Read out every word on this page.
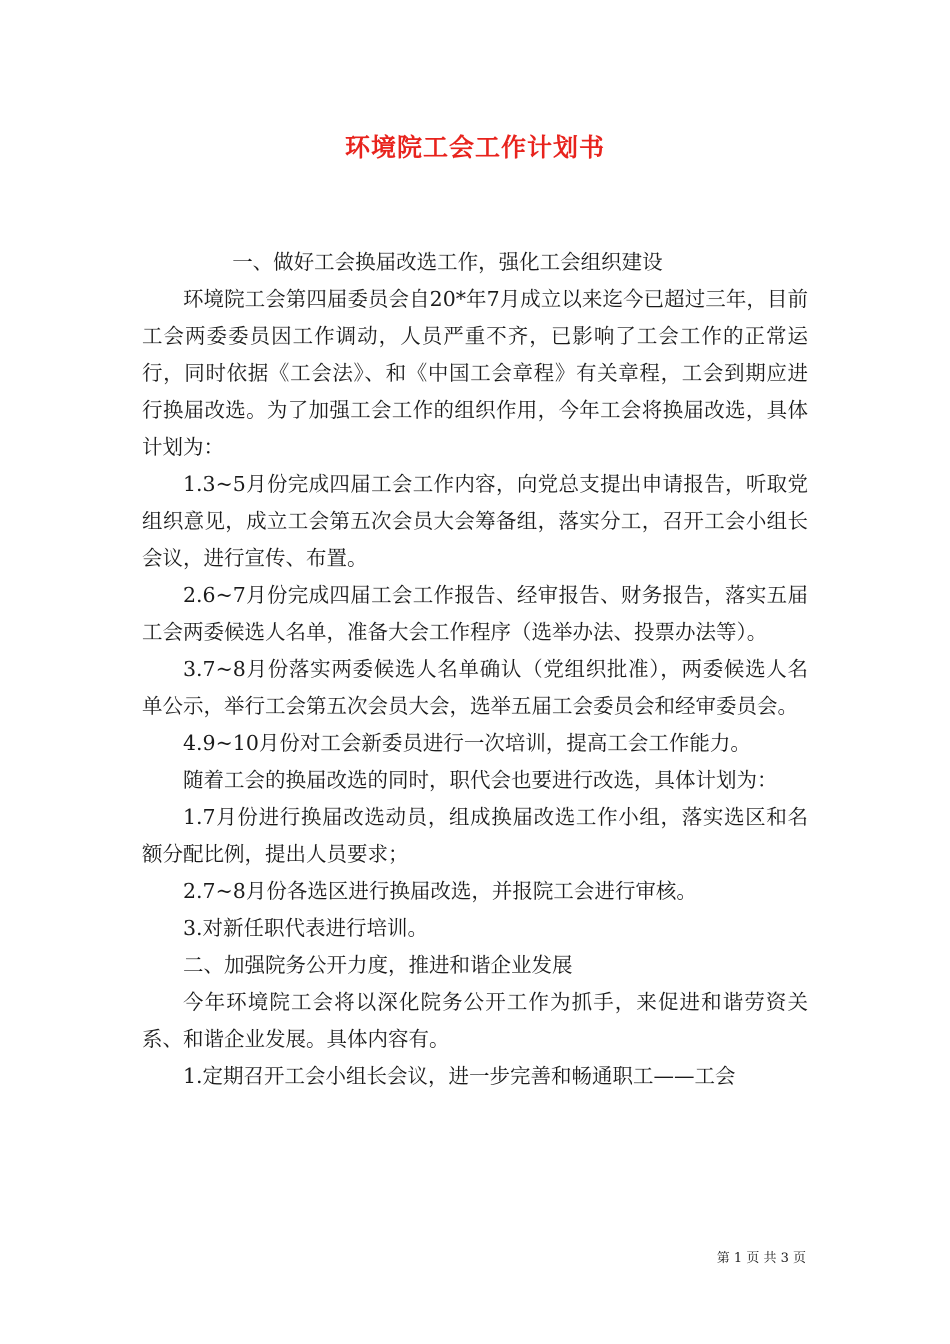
环境院工会工作计划书

一、做好工会换届改选工作，强化工会组织建设

环境院工会第四届委员会自20*年7月成立以来迄今已超过三年，目前工会两委委员因工作调动，人员严重不齐，已影响了工会工作的正常运行，同时依据《工会法》、和《中国工会章程》有关章程，工会到期应进行换届改选。为了加强工会工作的组织作用，今年工会将换届改选，具体计划为：

1.3~5月份完成四届工会工作内容，向党总支提出申请报告，听取党组织意见，成立工会第五次会员大会筹备组，落实分工，召开工会小组长会议，进行宣传、布置。

2.6~7月份完成四届工会工作报告、经审报告、财务报告，落实五届工会两委候选人名单，准备大会工作程序（选举办法、投票办法等）。

3.7~8月份落实两委候选人名单确认（党组织批准），两委候选人名单公示，举行工会第五次会员大会，选举五届工会委员会和经审委员会。

4.9~10月份对工会新委员进行一次培训，提高工会工作能力。

随着工会的换届改选的同时，职代会也要进行改选，具体计划为：

1.7月份进行换届改选动员，组成换届改选工作小组，落实选区和名额分配比例，提出人员要求；

2.7~8月份各选区进行换届改选，并报院工会进行审核。

3.对新任职代表进行培训。

二、加强院务公开力度，推进和谐企业发展

今年环境院工会将以深化院务公开工作为抓手，来促进和谐劳资关系、和谐企业发展。具体内容有。

1.定期召开工会小组长会议，进一步完善和畅通职工——工会

第 1 页 共 3 页
